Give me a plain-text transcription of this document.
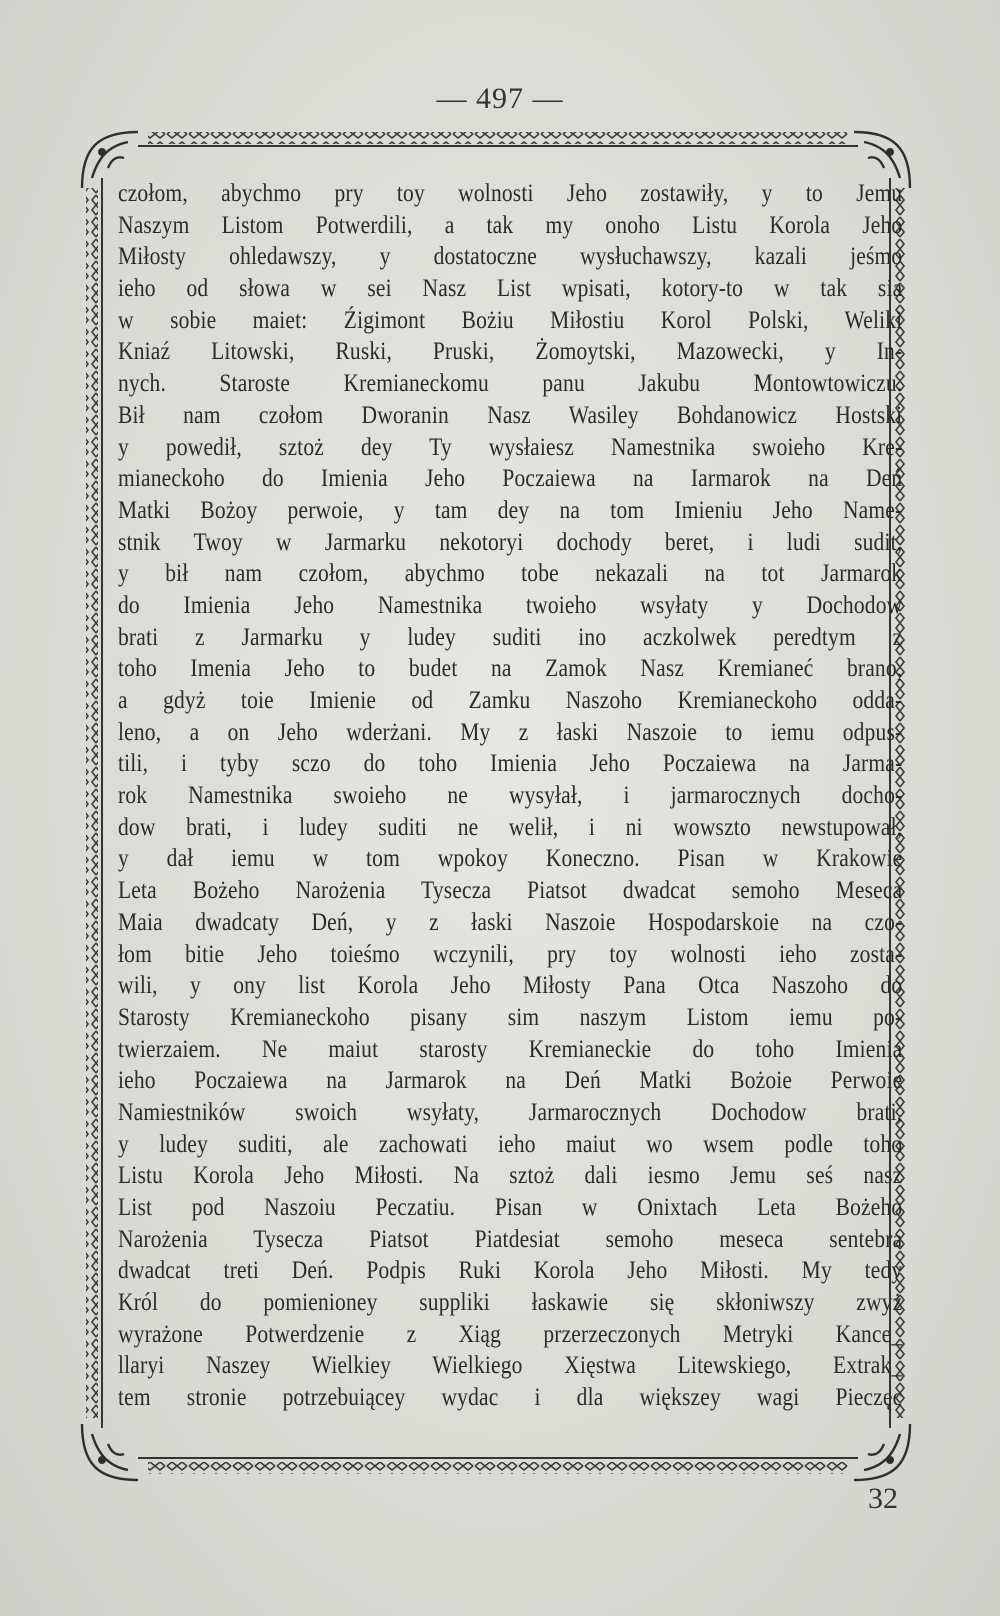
— 497 —
czołom, abychmo pry toy wolnosti Jeho zostawiły, y to Jemu
Naszym Listom Potwerdili, a tak my onoho Listu Korola Jeho
Miłosty ohledawszy, y dostatoczne wysłuchawszy, kazali jeśmo
ieho od słowa w sei Nasz List wpisati, kotory-to w tak sia
w sobie maiet: Źigimont Bożiu Miłostiu Korol Polski, Weliki
Kniaź Litowski, Ruski, Pruski, Żomoytski, Mazowecki, y In-
nych. Staroste Kremianeckomu panu Jakubu Montowtowiczu.
Bił nam czołom Dworanin Nasz Wasiley Bohdanowicz Hostski
y powedił, sztoż dey Ty wysłaiesz Namestnika swoieho Kre-
mianeckoho do Imienia Jeho Poczaiewa na Iarmarok na Deń
Matki Bożoy perwoie, y tam dey na tom Imieniu Jeho Name-
stnik Twoy w Jarmarku nekotoryi dochody beret, i ludi sudit,
y bił nam czołom, abychmo tobe nekazali na tot Jarmarok
do Imienia Jeho Namestnika twoieho wsyłaty y Dochodow
brati z Jarmarku y ludey suditi ino aczkolwek peredtym z
toho Imenia Jeho to budet na Zamok Nasz Kremianeć brano,
a gdyż toie Imienie od Zamku Naszoho Kremianeckoho odda-
leno, a on Jeho wderżani. My z łaski Naszoie to iemu odpus-
tili, i tyby sczo do toho Imienia Jeho Poczaiewa na Jarma-
rok Namestnika swoieho ne wysyłał, i jarmarocznych docho-
dow brati, i ludey suditi ne welił, i ni wowszto newstupował,
y dał iemu w tom wpokoy Konecznо. Pisan w Krakowie
Leta Bożeho Narożenia Tysecza Piatsot dwadcat semoho Meseca
Maia dwadcaty Deń, y z łaski Naszoie Hospodarskoie na czo-
łom bitie Jeho toieśmo wczynili, pry toy wolnosti ieho zosta-
wili, y ony list Korola Jeho Miłosty Pana Otca Naszoho do
Starosty Kremianeckoho pisany sim naszym Listom iemu po-
twierzaiem. Ne maiut starosty Kremianeckie do toho Imienia
ieho Poczaiewa na Jarmarok na Deń Matki Bożoie Perwoie
Namiestników swoich wsyłaty, Jarmarocznych Dochodow brati,
y ludey suditi, ale zachowati ieho maiut wo wsem podle toho
Listu Korola Jeho Miłosti. Na sztoż dali iesmo Jemu seś nasz
List pod Naszoiu Peczatiu. Pisan w Onixtach Leta Bożeho
Narożenia Tysecza Piatsot Piatdesiat semoho meseca sentebra
dwadcat treti Deń. Podpis Ruki Korola Jeho Miłosti. My tedy
Król do pomienioney suppliki łaskawie się skłoniwszy zwyż
wyrażone Potwerdzenie z Xiąg przerzeczonych Metryki Kance_
llaryi Naszey Wielkiey Wielkiego Xięstwa Litewskiego, Extrak_
tem stronie potrzebuiącey wydac i dla większey wagi Pieczęc
32
